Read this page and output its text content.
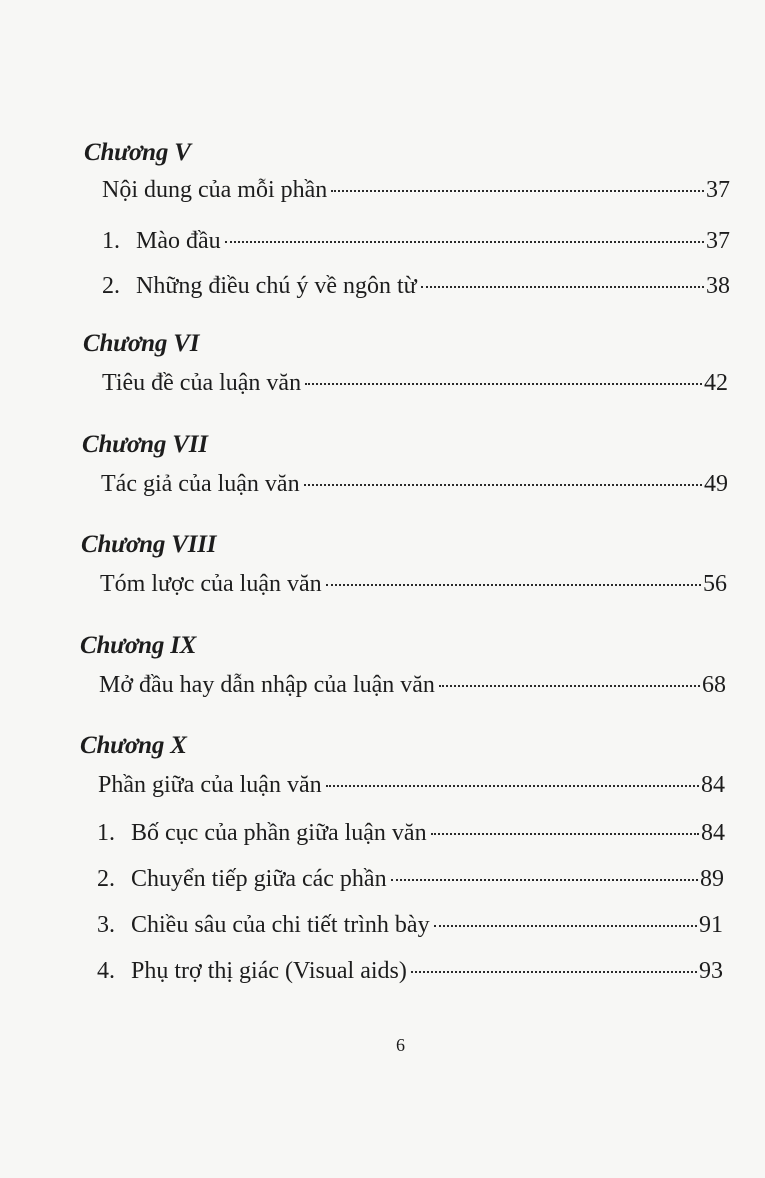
Chương V
Nội dung của mỗi phần	37
1. Mào đầu	37
2. Những điều chú ý về ngôn từ	38
Chương VI
Tiêu đề của luận văn	42
Chương VII
Tác giả của luận văn	49
Chương VIII
Tóm lược của luận văn	56
Chương IX
Mở đầu hay dẫn nhập của luận văn	68
Chương X
Phần giữa của luận văn	84
1. Bố cục của phần giữa luận văn	84
2. Chuyển tiếp giữa các phần	89
3. Chiều sâu của chi tiết trình bày	91
4. Phụ trợ thị giác (Visual aids)	93
6
